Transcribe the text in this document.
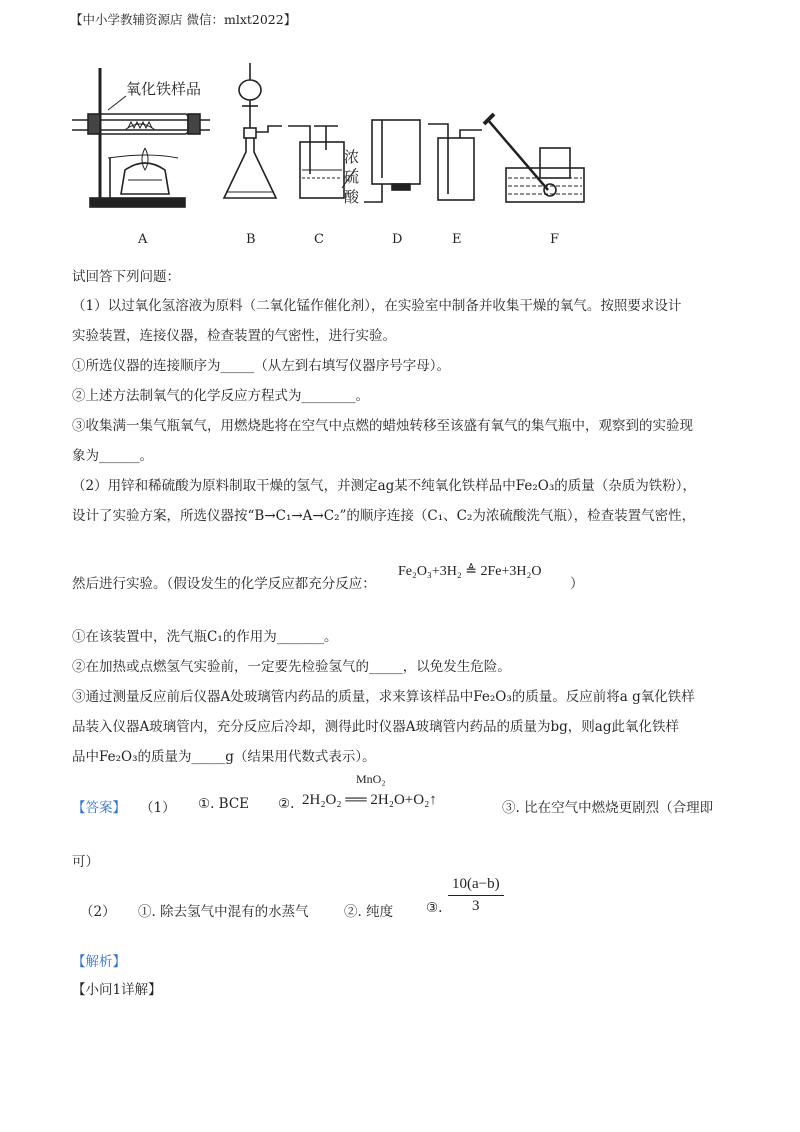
【中小学教辅资源店 微信：mlxt2022】
氧化铁样品
浓
硫
酸
A	B	C	D	E	F
试回答下列问题：
（1）以过氧化氢溶液为原料（二氧化锰作催化剂），在实验室中制备并收集干燥的氧气。按照要求设计
实验装置，连接仪器，检查装置的气密性，进行实验。
①所选仪器的连接顺序为_____（从左到右填写仪器序号字母）。
②上述方法制氧气的化学反应方程式为________。
③收集满一集气瓶氧气，用燃烧匙将在空气中点燃的蜡烛转移至该盛有氧气的集气瓶中，观察到的实验现
象为______。
（2）用锌和稀硫酸为原料制取干燥的氢气，并测定ag某不纯氧化铁样品中Fe₂O₃的质量（杂质为铁粉），
设计了实验方案，所选仪器按“B→C₁→A→C₂”的顺序连接（C₁、C₂为浓硫酸洗气瓶），检查装置气密性，
然后进行实验。（假设发生的化学反应都充分反应：
Fe₂O₃+3H₂ ≜ 2Fe+3H₂O
）
①在该装置中，洗气瓶C₁的作用为_______。
②在加热或点燃氢气实验前，一定要先检验氢气的_____，以免发生危险。
③通过测量反应前后仪器A处玻璃管内药品的质量，求来算该样品中Fe₂O₃的质量。反应前将a g氧化铁样
品装入仪器A玻璃管内，充分反应后冷却，测得此时仪器A玻璃管内药品的质量为bg，则ag此氧化铁样
品中Fe₂O₃的质量为_____g（结果用代数式表示）。
【答案】 （1） ①. BCE ②.
MnO₂
2H₂O₂ ══ 2H₂O+O₂↑	③. 比在空气中燃烧更剧烈（合理即
可）
（2） ①. 除去氢气中混有的水蒸气	②. 纯度 ③. $\frac{10(a-b)}{3}$
【解析】
【小问1详解】
